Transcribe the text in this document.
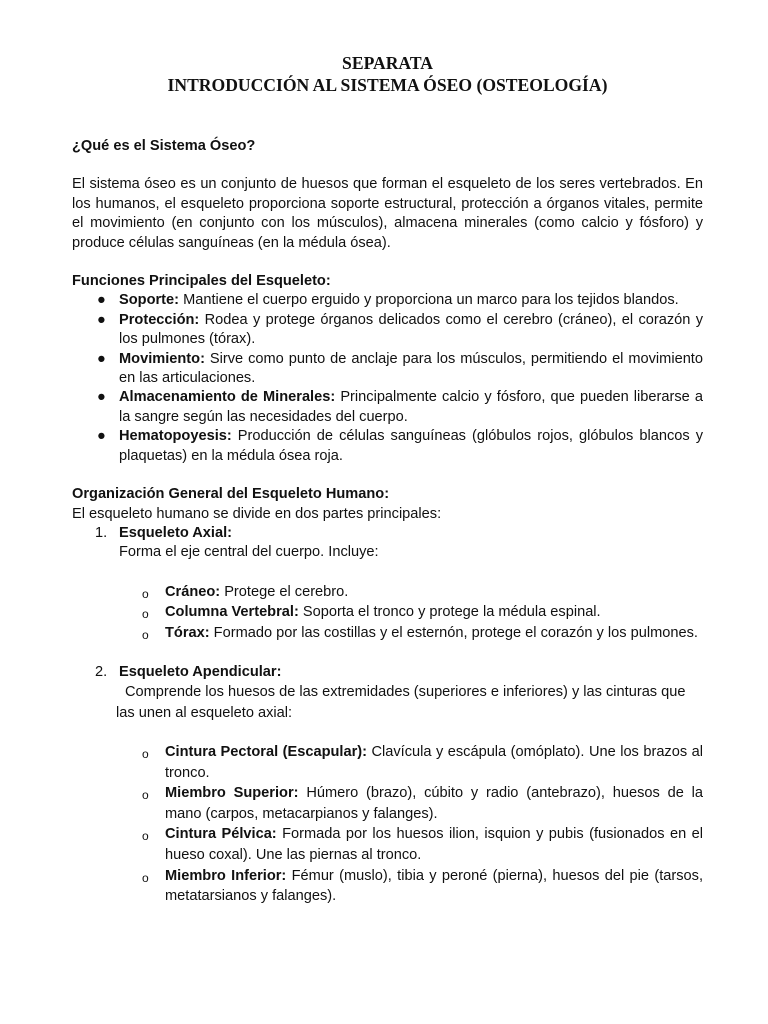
SEPARATA

INTRODUCCIÓN AL SISTEMA ÓSEO (OSTEOLOGÍA)

¿Qué es el Sistema Óseo?

El sistema óseo es un conjunto de huesos que forman el esqueleto de los seres vertebrados. En los humanos, el esqueleto proporciona soporte estructural, protección a órganos vitales, permite el movimiento (en conjunto con los músculos), almacena minerales (como calcio y fósforo) y produce células sanguíneas (en la médula ósea).

Funciones Principales del Esqueleto:
● Soporte: Mantiene el cuerpo erguido y proporciona un marco para los tejidos blandos.
● Protección: Rodea y protege órganos delicados como el cerebro (cráneo), el corazón y los pulmones (tórax).
● Movimiento: Sirve como punto de anclaje para los músculos, permitiendo el movimiento en las articulaciones.
● Almacenamiento de Minerales: Principalmente calcio y fósforo, que pueden liberarse a la sangre según las necesidades del cuerpo.
● Hematopoyesis: Producción de células sanguíneas (glóbulos rojos, glóbulos blancos y plaquetas) en la médula ósea roja.
Organización General del Esqueleto Humano:

El esqueleto humano se divide en dos partes principales:

1. Esqueleto Axial:

Forma el eje central del cuerpo. Incluye:

o Cráneo: Protege el cerebro.
o Columna Vertebral: Soporta el tronco y protege la médula espinal.
o Tórax: Formado por las costillas y el esternón, protege el corazón y los pulmones.
2. Esqueleto Apendicular:

Comprende los huesos de las extremidades (superiores e inferiores) y las cinturas que las unen al esqueleto axial:

o Cintura Pectoral (Escapular): Clavícula y escápula (omóplato). Une los brazos al tronco.
o Miembro Superior: Húmero (brazo), cúbito y radio (antebrazo), huesos de la mano (carpos, metacarpianos y falanges).
o Cintura Pélvica: Formada por los huesos ilion, isquion y pubis (fusionados en el hueso coxal). Une las piernas al tronco.
o Miembro Inferior: Fémur (muslo), tibia y peroné (pierna), huesos del pie (tarsos, metatarsianos y falanges).
